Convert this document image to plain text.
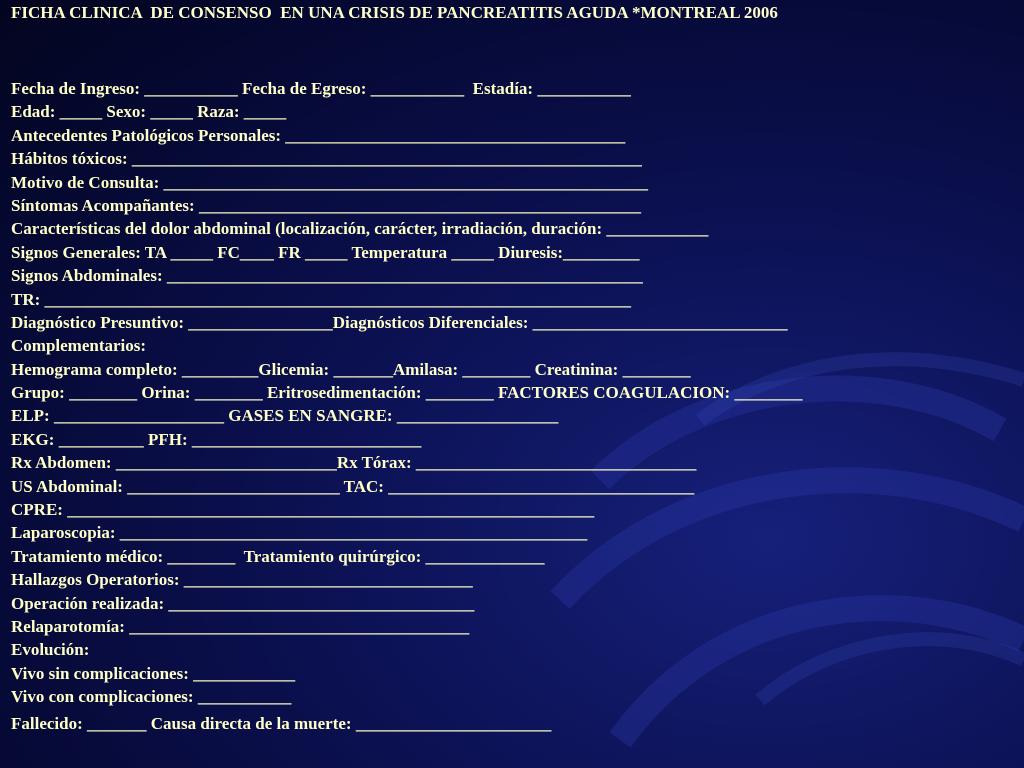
FICHA CLINICA  DE CONSENSO  EN UNA CRISIS DE PANCREATITIS AGUDA *MONTREAL 2006
Fecha de Ingreso: ___________ Fecha de Egreso: ___________  Estadía: ___________
Edad: _____ Sexo: _____ Raza: _____
Antecedentes Patológicos Personales: ________________________________________
Hábitos tóxicos: ____________________________________________________________
Motivo de Consulta: _________________________________________________________
Síntomas Acompañantes: ____________________________________________________
Características del dolor abdominal (localización, carácter, irradiación, duración: ____________
Signos Generales: TA _____ FC____ FR _____ Temperatura _____ Diuresis:_________
Signos Abdominales: ________________________________________________________
TR: _____________________________________________________________________
Diagnóstico Presuntivo: _________________Diagnósticos Diferenciales: ______________________________
Complementarios:
Hemograma completo: _________Glicemia: _______Amilasa: ________ Creatinina: ________
Grupo: ________ Orina: ________ Eritrosedimentación: ________ FACTORES COAGULACION: ________
ELP: ____________________ GASES EN SANGRE: ___________________
EKG: __________ PFH: ___________________________
Rx Abdomen: __________________________Rx Tórax: _________________________________
US Abdominal: _________________________ TAC: ____________________________________
CPRE: ______________________________________________________________
Laparoscopia: _______________________________________________________
Tratamiento médico: ________  Tratamiento quirúrgico: ______________
Hallazgos Operatorios: __________________________________
Operación realizada: ____________________________________
Relaparotomía: ________________________________________
Evolución:
Vivo sin complicaciones: ____________
Vivo con complicaciones: ___________
Fallecido: _______ Causa directa de la muerte: _______________________
